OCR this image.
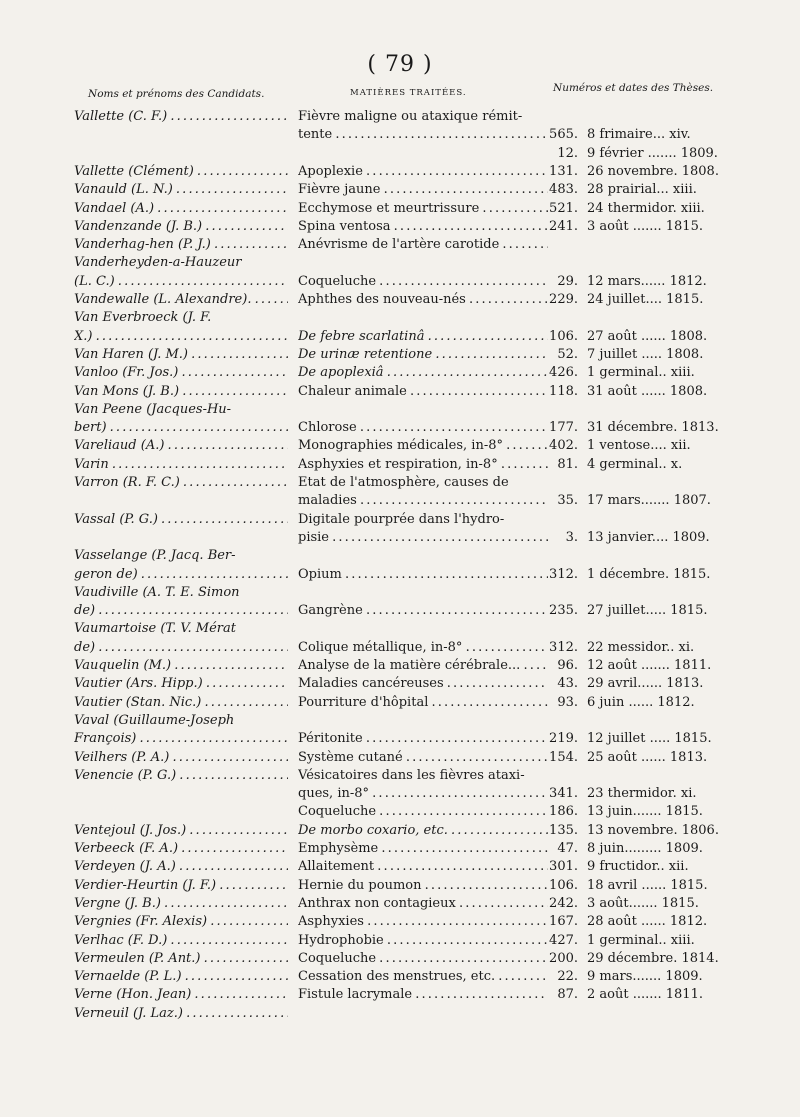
( 79 )
Noms et prénoms des Candidats.	MATIÈRES TRAITÉES.	Numéros et dates des Thèses.
Vallette (C. F.) . . .	Fièvre maligne ou ataxique rémit-
tente . . .	565. 8 frimaire... xiv.
12. 9 février ....... 1809.
Vallette (Clément) . . .	Apoplexie . . .	131. 26 novembre. 1808.
Vanauld (L. N.) . . .	Fièvre jaune . . .	483. 28 prairial... xiii.
Vandael (A.) . . .	Ecchymose et meurtrissure . . .	521. 24 thermidor. xiii.
Vandenzande (J. B.) . . .	Spina ventosa . . .	241. 3 août ....... 1815.
Vanderhag-hen (P. J.) . . .	Anévrisme de l'artère carotide . . .
Vanderheyden-a-Hauzeur
(L. C.) . . .	Coqueluche . . .	29. 12 mars...... 1812.
Vandewalle (L. Alexandre). . . .	Aphthes des nouveau-nés . . .	229. 24 juillet.... 1815.
Van Everbroeck (J. F.
X.) . . .	De febre scarlatinâ . . .	106. 27 août ...... 1808.
Van Haren (J. M.) . . .	De urinæ retentione . . .	52. 7 juillet ..... 1808.
Vanloo (Fr. Jos.) . . .	De apoplexiâ . . .	426. 1 germinal.. xiii.
Van Mons (J. B.) . . .	Chaleur animale . . .	118. 31 août ...... 1808.
Van Peene (Jacques-Hu-
bert) . . .	Chlorose . . .	177. 31 décembre. 1813.
Vareliaud (A.) . . .	Monographies médicales, in-8° . . .	402. 1 ventose.... xii.
Varin . . .	Asphyxies et respiration, in-8° . . .	81. 4 germinal.. x.
Varron (R. F. C.) . . .	Etat de l'atmosphère, causes de
maladies . . .	35. 17 mars....... 1807.
Vassal (P. G.) . . .	Digitale pourprée dans l'hydro-
pisie . . .	3. 13 janvier.... 1809.
Vasselange (P. Jacq. Ber-
geron de) . . .	Opium . . .	312. 1 décembre. 1815.
Vaudiville (A. T. E. Simon
de) . . .	Gangrène . . .	235. 27 juillet..... 1815.
Vaumartoise (T. V. Mérat
de) . . .	Colique métallique, in-8° . . .	312. 22 messidor.. xi.
Vauquelin (M.) . . .	Analyse de la matière cérébrale... . . .	96. 12 août ....... 1811.
Vautier (Ars. Hipp.) . . .	Maladies cancéreuses . . .	43. 29 avril...... 1813.
Vautier (Stan. Nic.) . . .	Pourriture d'hôpital . . .	93. 6 juin ...... 1812.
Vaval (Guillaume-Joseph
François) . . .	Péritonite . . .	219. 12 juillet ..... 1815.
Veilhers (P. A.) . . .	Système cutané . . .	154. 25 août ...... 1813.
Venencie (P. G.) . . .	Vésicatoires dans les fièvres ataxi-
ques, in-8° . . .	341. 23 thermidor. xi.
Coqueluche . . .	186. 13 juin....... 1815.
Ventejoul (J. Jos.) . . .	De morbo coxario, etc. . . .	135. 13 novembre. 1806.
Verbeeck (F. A.) . . .	Emphysème . . .	47. 8 juin......... 1809.
Verdeyen (J. A.) . . .	Allaitement . . .	301. 9 fructidor.. xii.
Verdier-Heurtin (J. F.) . . .	Hernie du poumon . . .	106. 18 avril ...... 1815.
Vergne (J. B.) . . .	Anthrax non contagieux . . .	242. 3 août....... 1815.
Vergnies (Fr. Alexis) . . .	Asphyxies . . .	167. 28 août ...... 1812.
Verlhac (F. D.) . . .	Hydrophobie . . .	427. 1 germinal.. xiii.
Vermeulen (P. Ant.) . . .	Coqueluche . . .	200. 29 décembre. 1814.
Vernaelde (P. L.) . . .	Cessation des menstrues, etc. . . .	22. 9 mars....... 1809.
Verne (Hon. Jean) . . .	Fistule lacrymale . . .	87. 2 août ....... 1811.
Verneuil (J. Laz.) . . .
